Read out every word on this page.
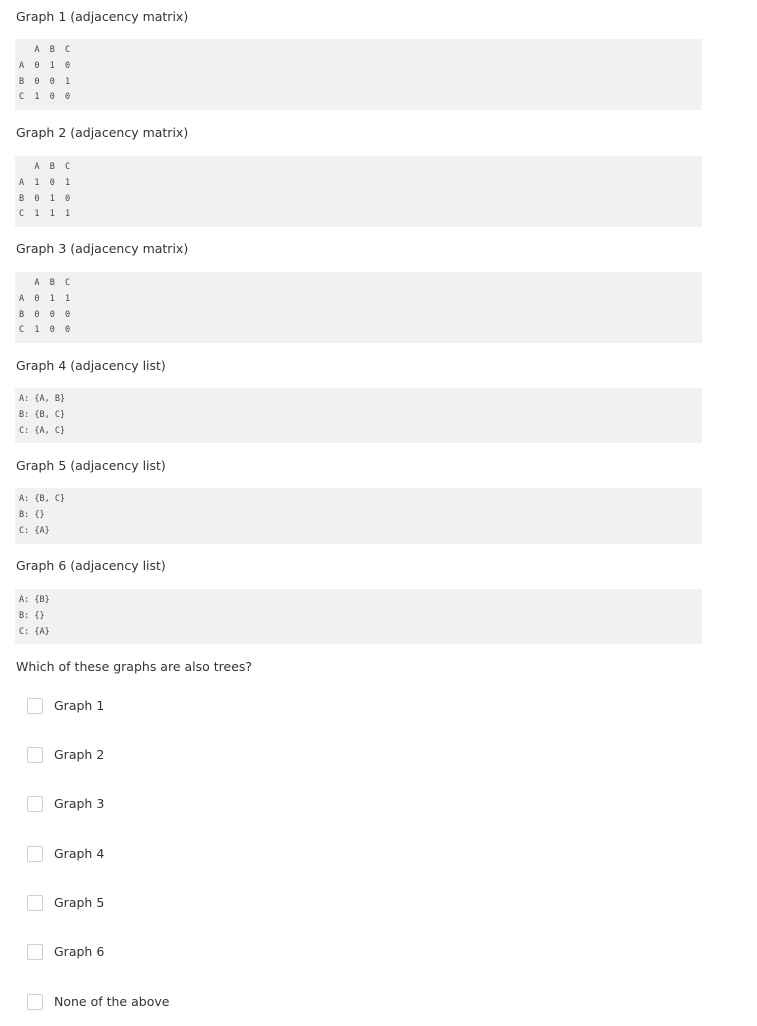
Graph 1 (adjacency matrix)
A  B  C
A  0  1  0
B  0  0  1
C  1  0  0
Graph 2 (adjacency matrix)
A  B  C
A  1  0  1
B  0  1  0
C  1  1  1
Graph 3 (adjacency matrix)
A  B  C
A  0  1  1
B  0  0  0
C  1  0  0
Graph 4 (adjacency list)
A: {A, B}
B: {B, C}
C: {A, C}
Graph 5 (adjacency list)
A: {B, C}
B: {}
C: {A}
Graph 6 (adjacency list)
A: {B}
B: {}
C: {A}
Which of these graphs are also trees?
Graph 1
Graph 2
Graph 3
Graph 4
Graph 5
Graph 6
None of the above
